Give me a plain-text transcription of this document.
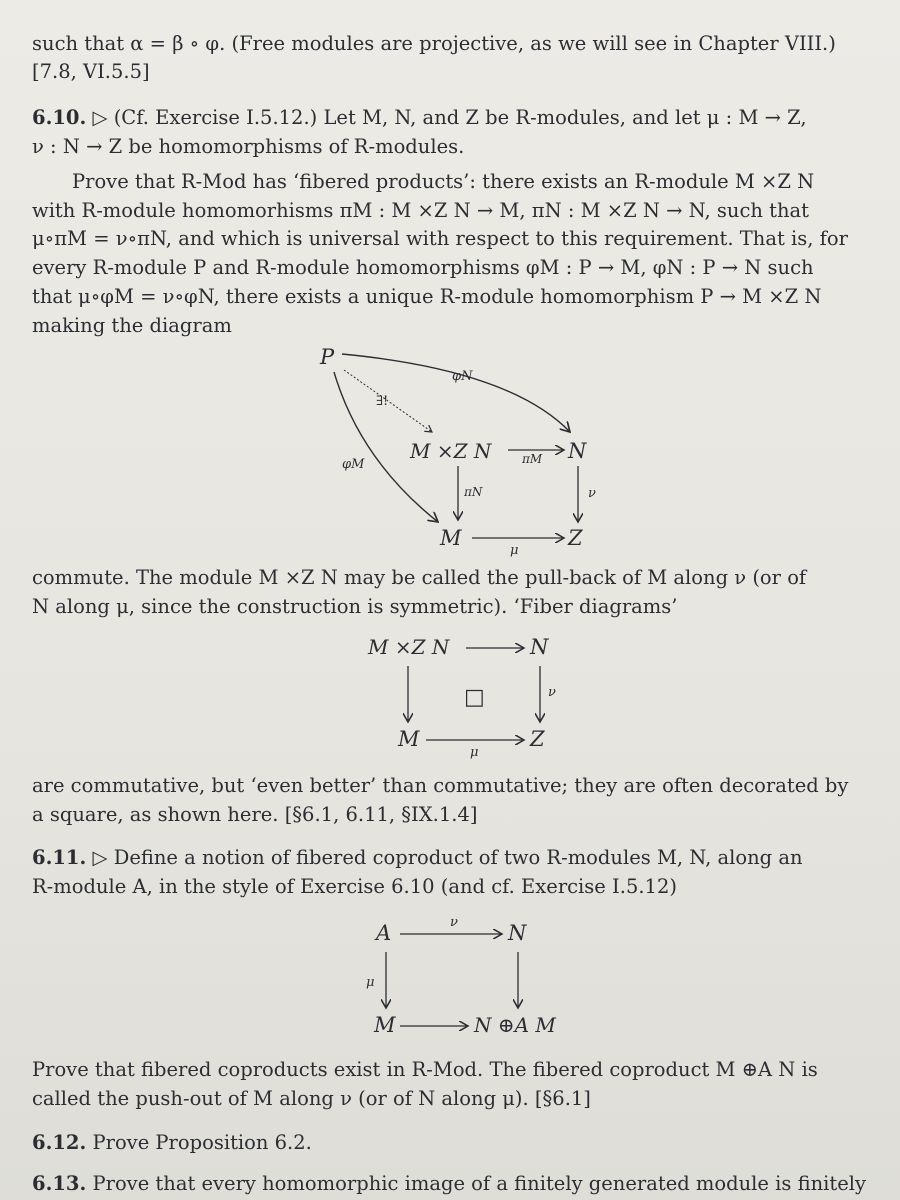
such that α = β ∘ φ. (Free modules are projective, as we will see in Chapter VIII.)
[7.8, VI.5.5]
6.10. ▷ (Cf. Exercise I.5.12.) Let M, N, and Z be R-modules, and let μ : M → Z,
ν : N → Z be homomorphisms of R-modules.
Prove that R-Mod has ‘fibered products’: there exists an R-module M ×Z N
with R-module homomorhisms πM : M ×Z N → M, πN : M ×Z N → N, such that
μ∘πM = ν∘πN, and which is universal with respect to this requirement. That is, for
every R-module P and R-module homomorphisms φM : P → M, φN : P → N such
that μ∘φM = ν∘φN, there exists a unique R-module homomorphism P → M ×Z N
making the diagram
P
M ×Z N	N
M	Z
φN
φM
∃!
πM
πN	ν
μ
commute. The module M ×Z N may be called the pull-back of M along ν (or of
N along μ, since the construction is symmetric). ‘Fiber diagrams’
M ×Z N	N
M	Z
ν
μ
□
are commutative, but ‘even better’ than commutative; they are often decorated by
a square, as shown here. [§6.1, 6.11, §IX.1.4]
6.11. ▷ Define a notion of fibered coproduct of two R-modules M, N, along an
R-module A, in the style of Exercise 6.10 (and cf. Exercise I.5.12)
A	N
M	N ⊕A M
ν
μ
Prove that fibered coproducts exist in R-Mod. The fibered coproduct M ⊕A N is
called the push-out of M along ν (or of N along μ). [§6.1]
6.12. Prove Proposition 6.2.
6.13. Prove that every homomorphic image of a finitely generated module is finitely
